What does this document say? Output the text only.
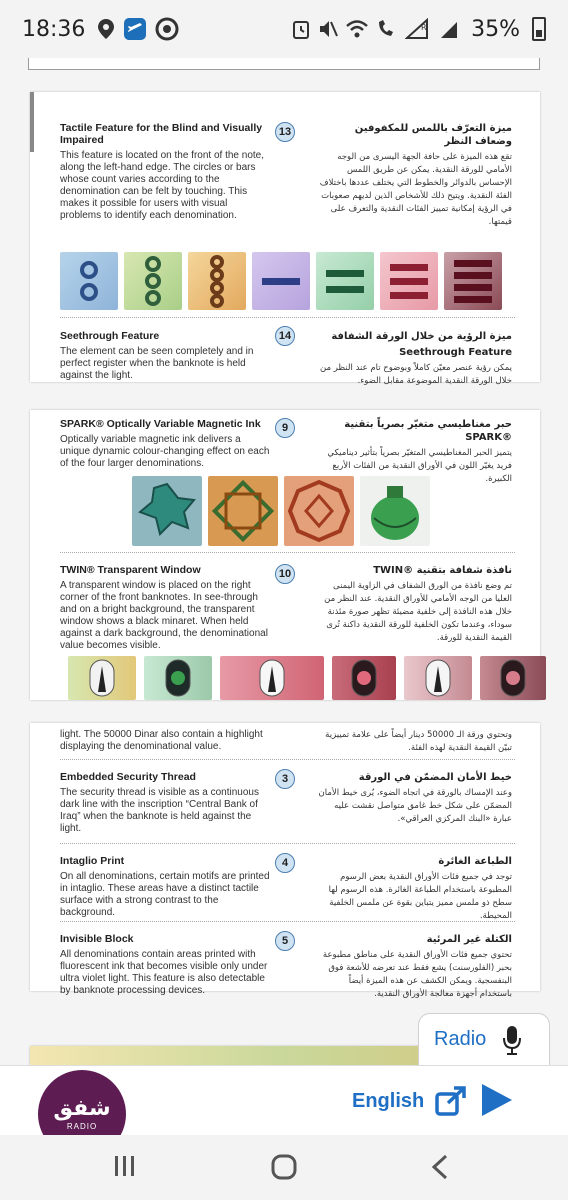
18:36	R 35%
Tactile Feature for the Blind and Visually Impaired
This feature is located on the front of the note, along the left-hand edge. The circles or bars whose count varies according to the denomination can be felt by touching. This makes it possible for users with visual problems to identify each denomination.
13	ميزة التعرّف باللمس للمكفوفين وضعاف النظر
تقع هذه الميزة على حافة الجهة اليسرى من الوجه الأمامي للورقة النقدية. يمكن عن طريق اللمس الإحساس بالدوائر والخطوط التي يختلف عددها باختلاف الفئة النقدية. ويتيح ذلك للأشخاص الذين لديهم صعوبات في الرؤية إمكانية تمييز الفئات النقدية والتعرف على قيمتها.
Seethrough Feature
The element can be seen completely and in perfect register when the banknote is held against the light.
14	ميزة الرؤية من خلال الورقة الشفافة
Seethrough Feature
يمكن رؤية عنصر معيّن كاملاً وبوضوح تام عند النظر من خلال الورقة النقدية الموضوعة مقابل الضوء.
SPARK® Optically Variable Magnetic Ink
Optically variable magnetic ink delivers a unique dynamic colour-changing effect on each of the four larger denominations.
9	حبر مغناطيسي متغيّر بصرياً بتقنية ®SPARK
يتميز الحبر المغناطيسي المتغيّر بصرياً بتأثير ديناميكي فريد يغيّر اللون في الأوراق النقدية من الفئات الأربع الكبيرة.
TWIN® Transparent Window
A transparent window is placed on the right corner of the front banknotes. In see-through and on a bright background, the transparent window shows a black minaret. When held against a dark background, the denominational value becomes visible.
10	نافذة شفافة بتقنية ®TWIN
تم وضع نافذة من الورق الشفاف في الزاوية اليمنى العليا من الوجه الأمامي للأوراق النقدية. عند النظر من خلال هذه النافذة إلى خلفية مضيئة تظهر صورة مئذنة سوداء، وعندما تكون الخلفية للورقة النقدية داكنة تُرى القيمة النقدية للورقة.
light. The 50000 Dinar also contain a highlight displaying the denominational value.
وتحتوي ورقة الـ 50000 دينار أيضاً على علامة تمييزية تبيّن القيمة النقدية لهذه الفئة.
Embedded Security Thread
The security thread is visible as a continuous dark line with the inscription “Central Bank of Iraq” when the banknote is held against the light.
3	خيط الأمان المضمّن في الورقة
وعند الإمساك بالورقة في اتجاه الضوء، يُرى خيط الأمان المضمّن على شكل خط غامق متواصل نقشت عليه عبارة «البنك المركزي العراقي».
Intaglio Print
On all denominations, certain motifs are printed in intaglio. These areas have a distinct tactile surface with a strong contrast to the background.
4	الطباعة الغائرة
توجد في جميع فئات الأوراق النقدية بعض الرسوم المطبوعة باستخدام الطباعة الغائرة. هذه الرسوم لها سطح ذو ملمس مميز يتباين بقوة عن ملمس الخلفية المحيطة.
Invisible Block
All denominations contain areas printed with fluorescent ink that becomes visible only under ultra violet light. This feature is also detectable by banknote processing devices.
5	الكتلة غير المرئية
تحتوي جميع فئات الأوراق النقدية على مناطق مطبوعة بحبر (الفلورسنت) يشع فقط عند تعرضه للأشعة فوق البنفسجية. ويمكن الكشف عن هذه الميزة أيضاً باستخدام أجهزة معالجة الأوراق النقدية.
Radio
شفق
RADIO
English
